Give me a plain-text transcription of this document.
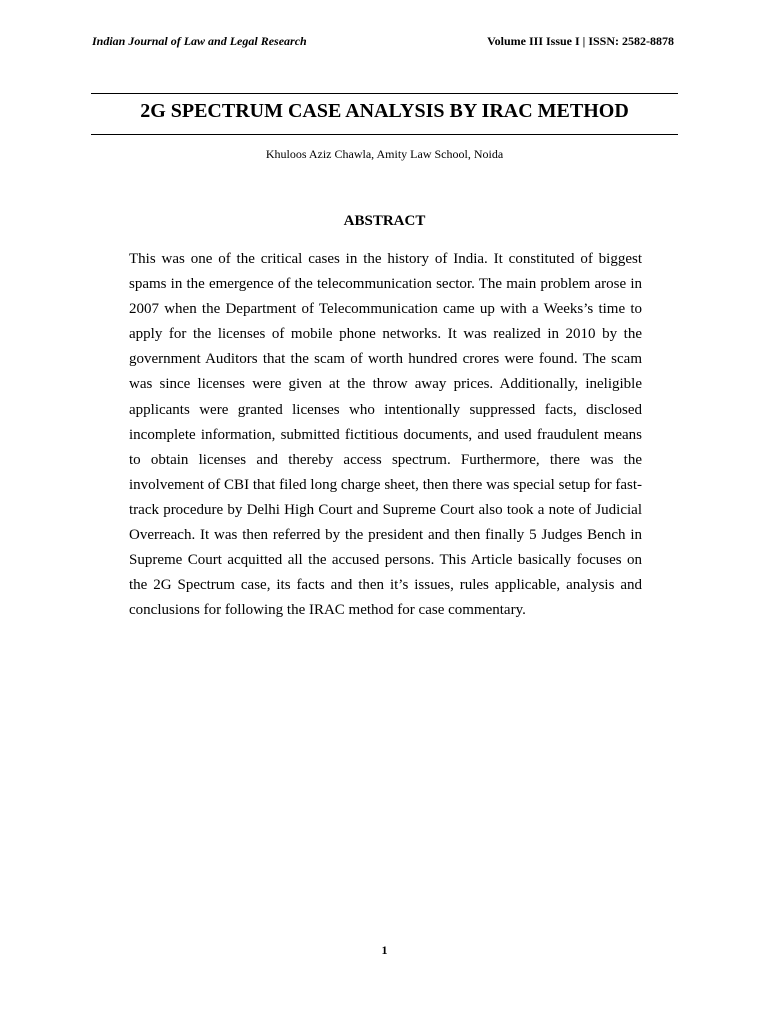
Indian Journal of Law and Legal Research	Volume III Issue I | ISSN: 2582-8878
2G SPECTRUM CASE ANALYSIS BY IRAC METHOD
Khuloos Aziz Chawla, Amity Law School, Noida
ABSTRACT

This was one of the critical cases in the history of India. It constituted of biggest spams in the emergence of the telecommunication sector. The main problem arose in 2007 when the Department of Telecommunication came up with a Weeks’s time to apply for the licenses of mobile phone networks. It was realized in 2010 by the government Auditors that the scam of worth hundred crores were found. The scam was since licenses were given at the throw away prices. Additionally, ineligible applicants were granted licenses who intentionally suppressed facts, disclosed incomplete information, submitted fictitious documents, and used fraudulent means to obtain licenses and thereby access spectrum. Furthermore, there was the involvement of CBI that filed long charge sheet, then there was special setup for fast-track procedure by Delhi High Court and Supreme Court also took a note of Judicial Overreach. It was then referred by the president and then finally 5 Judges Bench in Supreme Court acquitted all the accused persons. This Article basically focuses on the 2G Spectrum case, its facts and then it’s issues, rules applicable, analysis and conclusions for following the IRAC method for case commentary.

1
